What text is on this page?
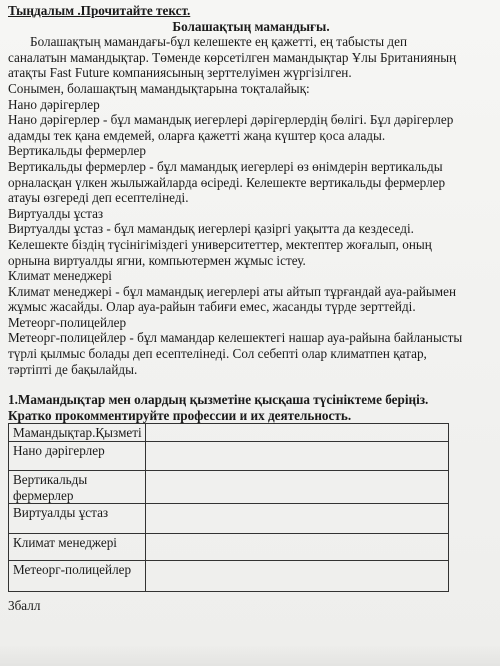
Тыңдалым .Прочитайте текст.
Болашақтың мамандығы.
Болашақтың мамандағы-бұл келешекте ең қажетті, ең табысты деп
саналатын мамандықтар. Төменде көрсетілген мамандықтар Ұлы Британияның
атақты Fast Future компаниясының зерттелуімен жүргізілген.
Сонымен, болашақтың мамандықтарына тоқталайық:
Нано дәрігерлер
Нано дәрігерлер - бұл мамандық иегерлері дәрігерлердің бөлігі. Бұл дәрігерлер
адамды тек қана емдемей, оларға қажетті жаңа күштер қоса алады.
Вертикальды фермерлер
Вертикальды фермерлер - бұл мамандық иегерлері өз өнімдерін вертикальды
орналасқан үлкен жылыжайларда өсіреді. Келешекте вертикальды фермерлер
атауы өзгереді деп есептелінеді.
Виртуалды ұстаз
Виртуалды ұстаз - бұл мамандық иегерлері қазіргі уақытта да кездеседі.
Келешекте біздің түсінігіміздегі университеттер, мектептер жоғалып, оның
орнына виртуалды ягни, компьютермен жұмыс істеу.
Климат менеджері
Климат менеджері - бұл мамандық иегерлері аты айтып тұрғандай ауа-райымен
жұмыс жасайды. Олар ауа-райын табиғи емес, жасанды түрде зерттейді.
Метеорг-полицейлер
Метеорг-полицейлер - бұл мамандар келешектегі нашар ауа-райына байланысты
түрлі қылмыс болады деп есептелінеді. Сол себепті олар климатпен қатар,
тәртіпті де бақылайды.
1.Мамандықтар мен олардың қызметіне қысқаша түсініктеме беріңіз.
Кратко прокомментируйте профессии и их деятельность.
Мамандықтар.Қызметі	
Нано дәрігерлер	
Вертикальды фермерлер	
Виртуалды ұстаз	
Климат менеджері	
Метеорг-полицейлер	
3балл
